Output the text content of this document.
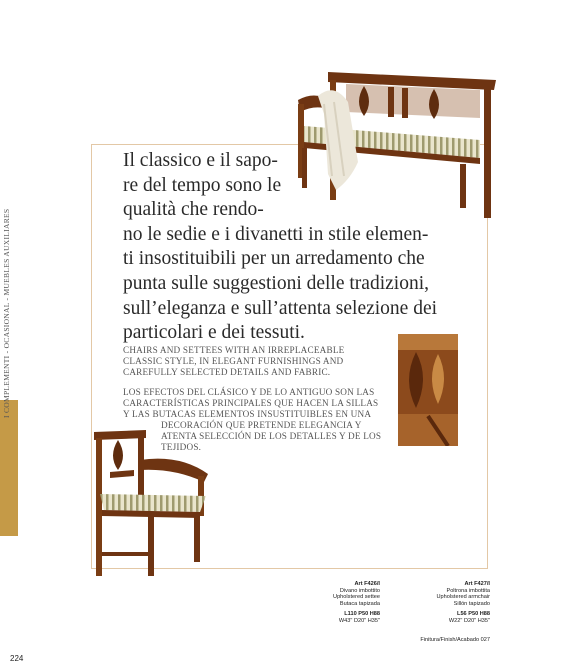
I COMPLEMENTI - OCASIONAL - MUEBLES AUXILIARES

Il classico e il sapo-
re del tempo sono le
qualità che rendo-
no le sedie e i divanetti in stile elemen-
ti insostituibili per un arredamento che
punta sulle suggestioni delle tradizioni,
sull’eleganza e sull’attenta selezione dei
particolari e dei tessuti.

CHAIRS AND SETTEES WITH AN IRREPLACEABLE
CLASSIC STYLE, IN ELEGANT FURNISHINGS AND
CAREFULLY SELECTED DETAILS AND FABRIC.
LOS EFECTOS DEL CLÁSICO Y DE LO ANTIGUO SON LAS
CARACTERÍSTICAS PRINCIPALES QUE HACEN LA SILLAS
Y LAS BUTACAS ELEMENTOS INSUSTITUIBLES EN UNA
DECORACIÓN QUE PRETENDE ELEGANCIA Y
ATENTA SELECCIÓN DE LOS DETALLES Y DE LOS
TEJIDOS.
Art F426/I
Divano imbottito
Upholstered settee
Butaca tapizada
L110 P50 H88
W43" D20" H35"
Art F427/I
Poltrona imbottita
Upholstered armchair
Sillón tapizado
L56 P50 H88
W22" D20" H35"
Finitura/Finish/Acabado 027
224
